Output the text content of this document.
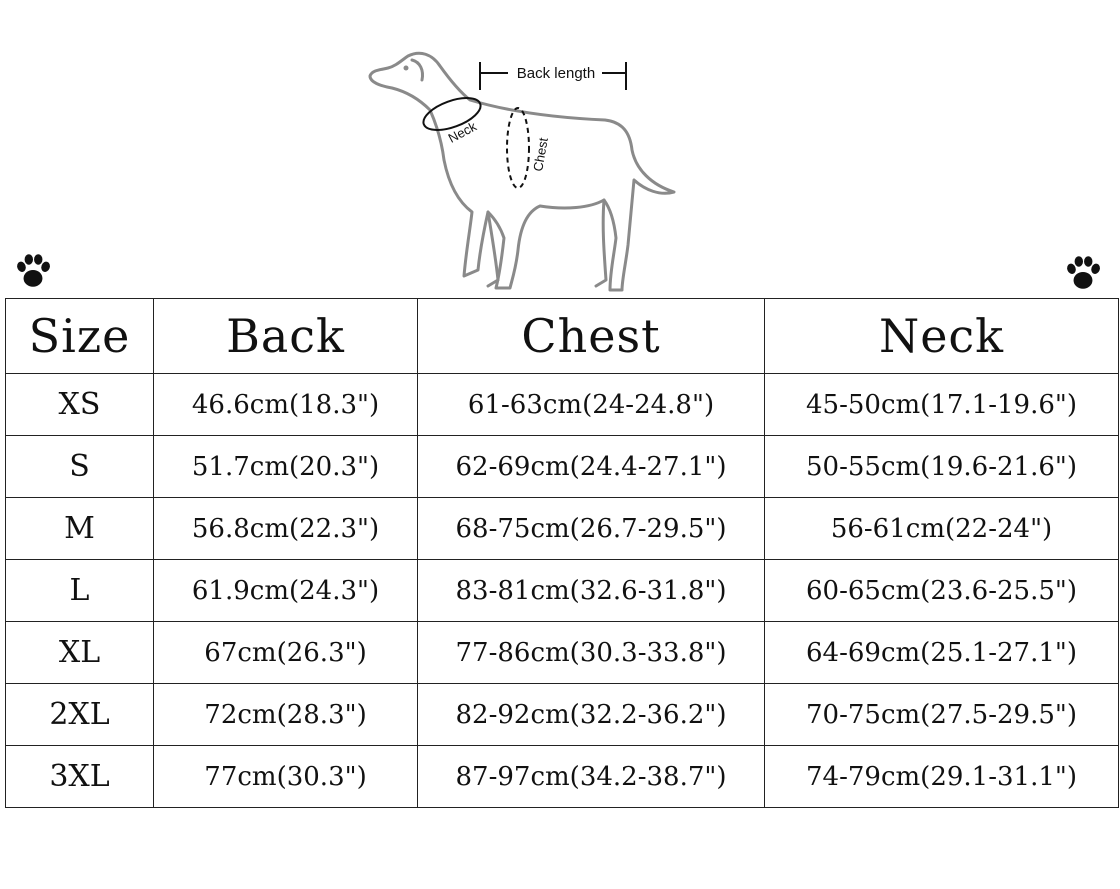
Back length
Neck
Chest
Size	Back	Chest	Neck
XS	46.6cm(18.3")	61-63cm(24-24.8")	45-50cm(17.1-19.6")
S	51.7cm(20.3")	62-69cm(24.4-27.1")	50-55cm(19.6-21.6")
M	56.8cm(22.3")	68-75cm(26.7-29.5")	56-61cm(22-24")
L	61.9cm(24.3")	83-81cm(32.6-31.8")	60-65cm(23.6-25.5")
XL	67cm(26.3")	77-86cm(30.3-33.8")	64-69cm(25.1-27.1")
2XL	72cm(28.3")	82-92cm(32.2-36.2")	70-75cm(27.5-29.5")
3XL	77cm(30.3")	87-97cm(34.2-38.7")	74-79cm(29.1-31.1")
